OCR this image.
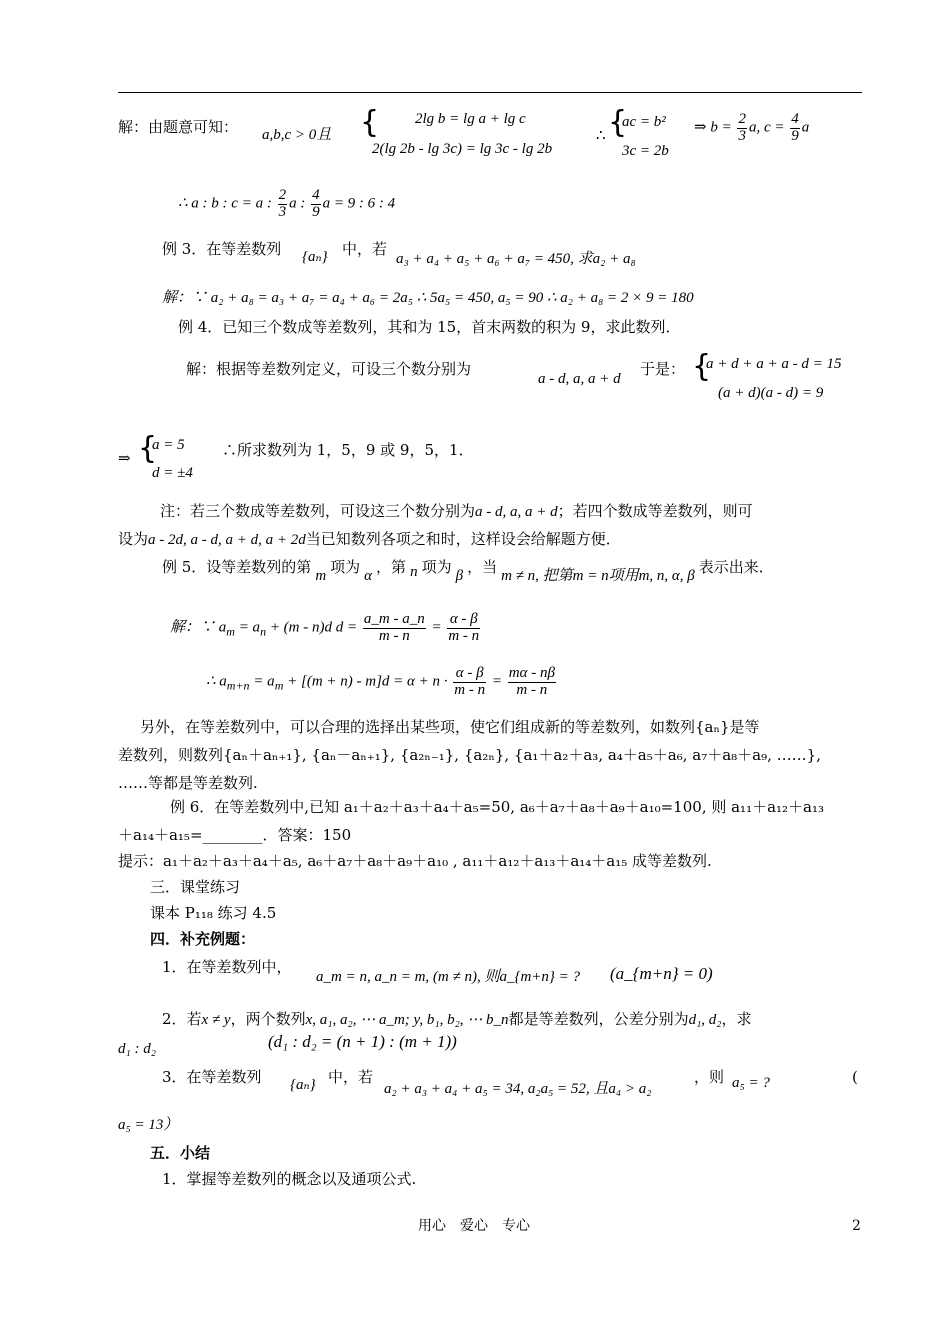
解：由题意可知： a,b,c > 0且 { 2lg b = lg a + lg c
2(lg 2b - lg 3c) = lg 3c - lg 2b
∴ {
ac = b²
3c = 2b
⇒ $b = \frac{2}{3} a$, $c = \frac{4}{9}$ a
∴ a : b : c = a : $\frac{2}{3}$ a : $\frac{4}{9}$ a = 9 : 6 : 4
例 3．在等差数列 {aₙ} 中，若
a₃ + a₄ + a₅ + a₆ + a₇ = 450, 求a₂ + a₈
解：∵ a₂ + a₈ = a₃ + a₇ = a₄ + a₆ = 2a₅ ∴ 5a₅ = 450, a₅ = 90 ∴ a₂ + a₈ = 2 × 9 = 180
例 4．已知三个数成等差数列，其和为 15，首末两数的积为 9，求此数列．
解：根据等差数列定义，可设三个数分别为
a - d, a, a + d
于是： {
a + d + a + a - d = 15
(a + d)(a - d) = 9
⇒ {
a = 5
d = ±4
∴所求数列为 1，5，9 或 9，5，1．
注：若三个数成等差数列，可设这三个数分别为a - d, a, a + d；若四个数成等差数列，则可
设为a - 2d, a - d, a + d, a + 2d当已知数列各项之和时，这样设会给解题方便．
例 5．设等差数列的第 m 项为 α ，第 n 项为 β ，当 m ≠ n, 把第m = n项用m, n, α, β 表示出来．
解：∵ $a_m = a_n + (m - n)d$ $d = \frac{a\_m - a\_n}{m - n} = \frac{\alpha - \beta}{m - n}$
∴ $a_{m+n} = a_m + [(m + n) - m]d = \alpha + n \cdot \frac{\alpha - \beta}{m - n} = \frac{m\alpha - n\beta}{m - n}$
另外，在等差数列中，可以合理的选择出某些项，使它们组成新的等差数列，如数列{aₙ}是等
差数列，则数列{aₙ＋aₙ₊₁}, {aₙ－aₙ₊₁}, {a₂ₙ₋₁}, {a₂ₙ}, {a₁＋a₂＋a₃, a₄＋a₅＋a₆, a₇＋a₈＋a₉, ……},
……等都是等差数列.
例 6．在等差数列中,已知 a₁＋a₂＋a₃＋a₄＋a₅=50, a₆＋a₇＋a₈＋a₉＋a₁₀=100, 则 a₁₁＋a₁₂＋a₁₃
＋a₁₄＋a₁₅=________．答案：150
提示：a₁＋a₂＋a₃＋a₄＋a₅, a₆＋a₇＋a₈＋a₉＋a₁₀ , a₁₁＋a₁₂＋a₁₃＋a₁₄＋a₁₅ 成等差数列.
三．课堂练习
课本 P₁₁₈ 练习 4.5
四．补充例题：
1．在等差数列中，
a_m = n, a_n = m, (m ≠ n), 则a_{m+n} = ? (a_{m+n} = 0)
2．若x ≠ y，两个数列x, a₁, a₂, ⋯ a_m; y, b₁, b₂, ⋯ b_n都是等差数列，公差分别为d₁, d₂，求
d₁ : d₂	(d₁ : d₂ = (n + 1) : (m + 1))
3．在等差数列 {aₙ} 中，若
a₂ + a₃ + a₄ + a₅ = 34, a₂a₅ = 52, 且a₄ > a₂
，则 a₅ = ?	(
a₅ = 13）
五．小结
1．掌握等差数列的概念以及通项公式.
用心　爱心　专心	2
